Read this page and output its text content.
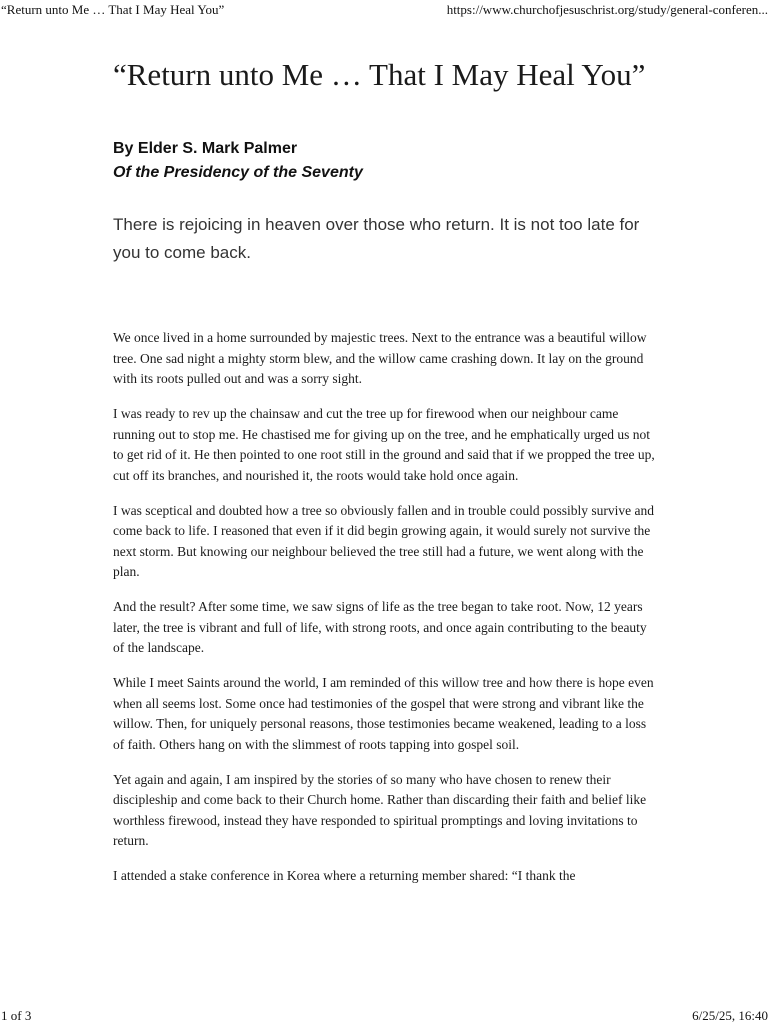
“Return unto Me … That I May Heal You”	https://www.churchofjesuschrist.org/study/general-conferen...
“Return unto Me … That I May Heal You”

By Elder S. Mark Palmer

Of the Presidency of the Seventy

There is rejoicing in heaven over those who return. It is not too late for you to come back.

We once lived in a home surrounded by majestic trees. Next to the entrance was a beautiful willow tree. One sad night a mighty storm blew, and the willow came crashing down. It lay on the ground with its roots pulled out and was a sorry sight.

I was ready to rev up the chainsaw and cut the tree up for firewood when our neighbour came running out to stop me. He chastised me for giving up on the tree, and he emphatically urged us not to get rid of it. He then pointed to one root still in the ground and said that if we propped the tree up, cut off its branches, and nourished it, the roots would take hold once again.

I was sceptical and doubted how a tree so obviously fallen and in trouble could possibly survive and come back to life. I reasoned that even if it did begin growing again, it would surely not survive the next storm. But knowing our neighbour believed the tree still had a future, we went along with the plan.

And the result? After some time, we saw signs of life as the tree began to take root. Now, 12 years later, the tree is vibrant and full of life, with strong roots, and once again contributing to the beauty of the landscape.

While I meet Saints around the world, I am reminded of this willow tree and how there is hope even when all seems lost. Some once had testimonies of the gospel that were strong and vibrant like the willow. Then, for uniquely personal reasons, those testimonies became weakened, leading to a loss of faith. Others hang on with the slimmest of roots tapping into gospel soil.

Yet again and again, I am inspired by the stories of so many who have chosen to renew their discipleship and come back to their Church home. Rather than discarding their faith and belief like worthless firewood, instead they have responded to spiritual promptings and loving invitations to return.

I attended a stake conference in Korea where a returning member shared: “I thank the

1 of 3	6/25/25, 16:40
